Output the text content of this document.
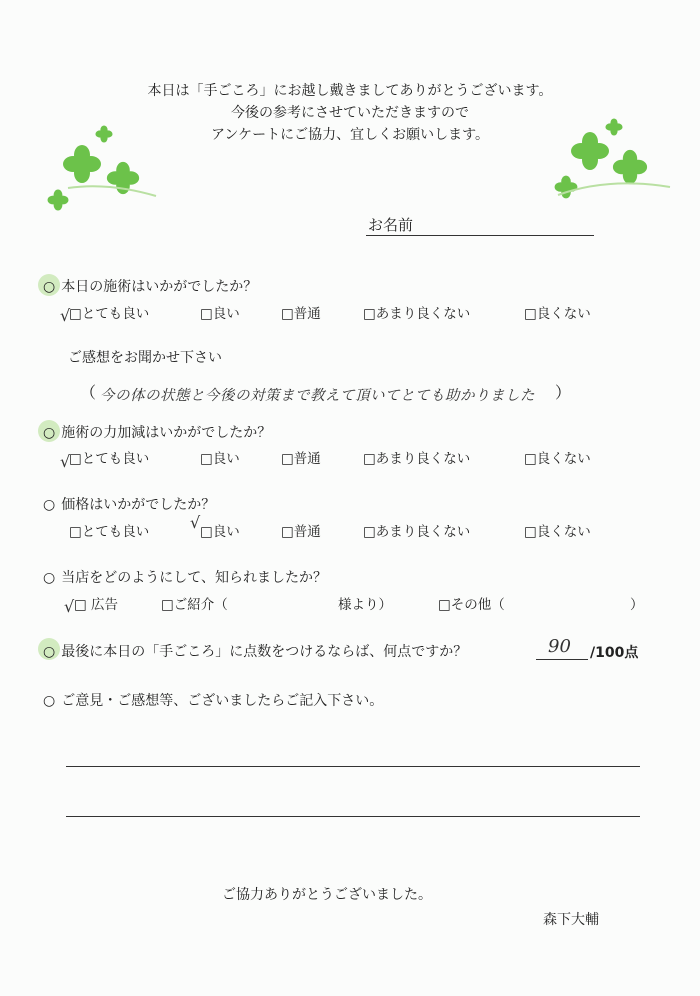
本日は「手ごころ」にお越し戴きましてありがとうございます。
今後の参考にさせていただきますので
アンケートにご協力、宜しくお願いします。
お名前
○ 本日の施術はいかがでしたか？
√
□とても良い	□良い	□普通	□あまり良くない	□良くない
ご感想をお聞かせ下さい
（ 今の体の状態と今後の対策まで教えて頂いてとても助かりました ）
○ 施術の力加減はいかがでしたか？
√
□とても良い	□良い	□普通	□あまり良くない	□良くない
○ 価格はいかがでしたか？
□とても良い	√ □良い	□普通	□あまり良くない	□良くない
○ 当店をどのようにして、知られましたか？
√ □ 広告	□ご紹介（	様より）	□その他（	）
○ 最後に本日の「手ごころ」に点数をつけるならば、何点ですか？	90 /100点
○ ご意見・ご感想等、ございましたらご記入下さい。
ご協力ありがとうございました。
森下大輔
